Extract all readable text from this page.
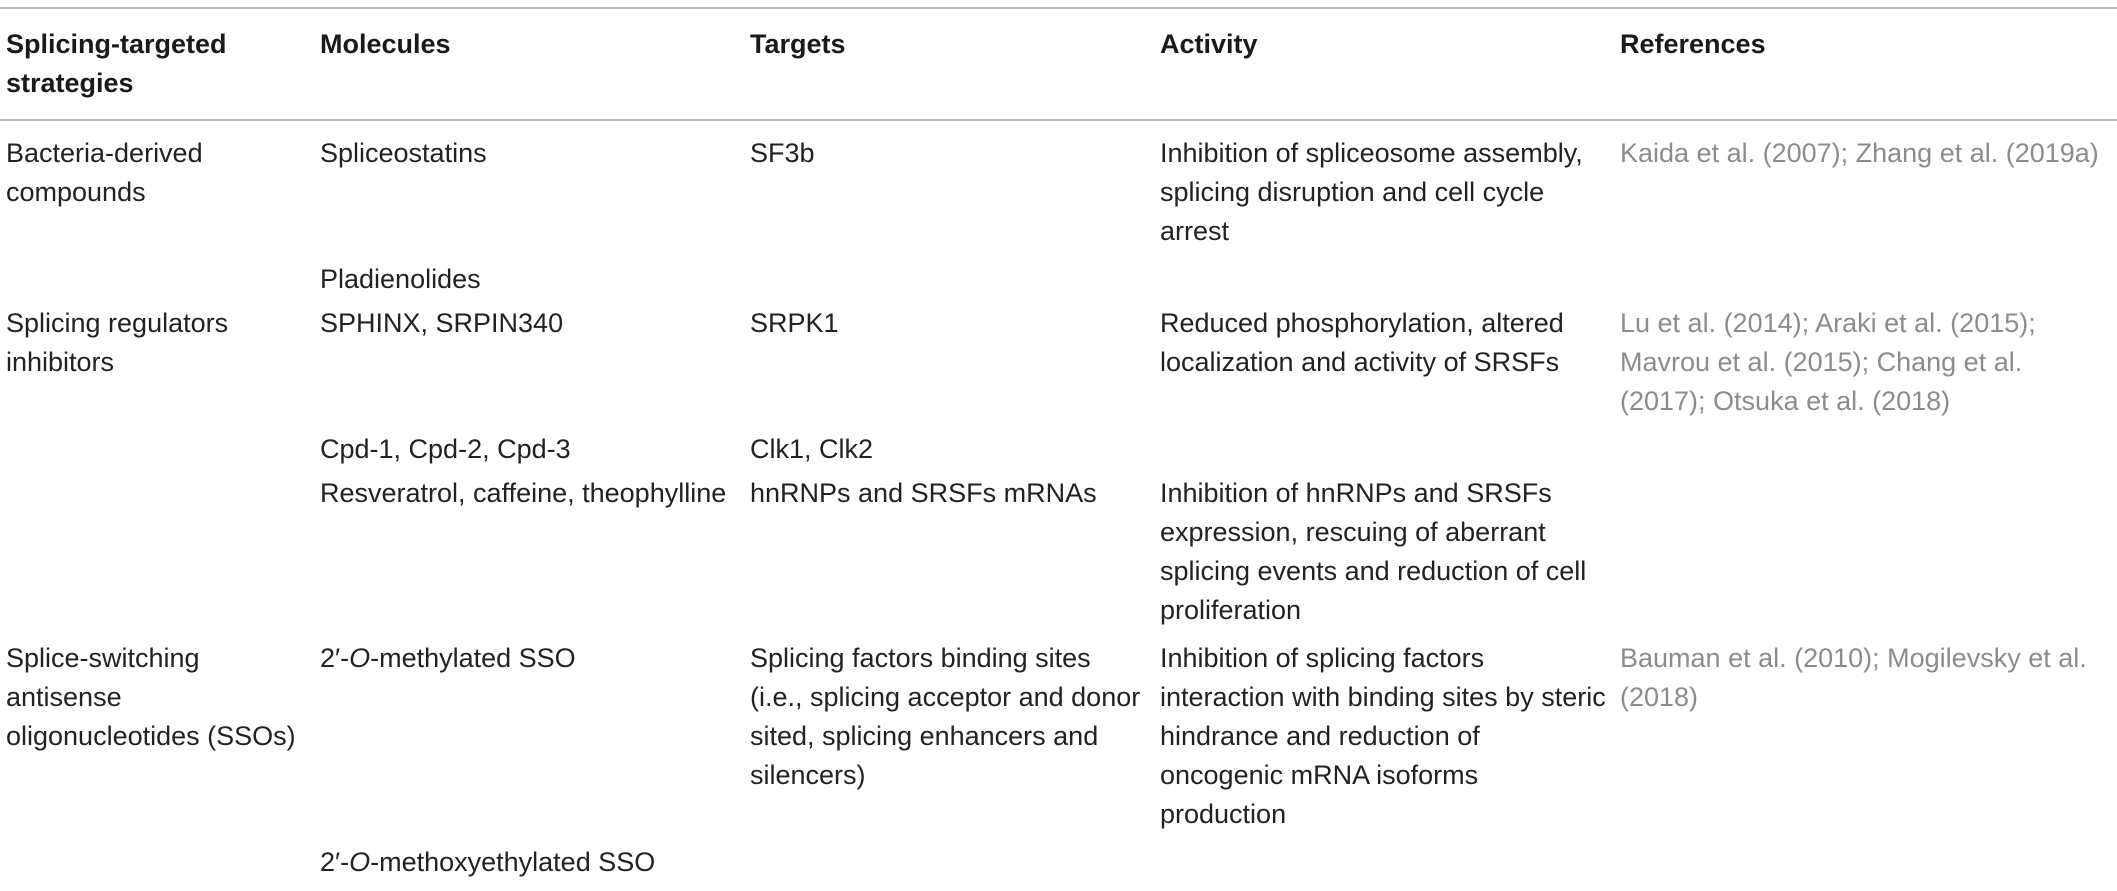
Splicing-targeted strategies	Molecules	Targets	Activity	References
Bacteria-derived compounds	Spliceostatins	SF3b	Inhibition of spliceosome assembly, splicing disruption and cell cycle arrest	Kaida et al. (2007); Zhang et al. (2019a)
	Pladienolides			
Splicing regulators inhibitors	SPHINX, SRPIN340	SRPK1	Reduced phosphorylation, altered localization and activity of SRSFs	Lu et al. (2014); Araki et al. (2015); Mavrou et al. (2015); Chang et al. (2017); Otsuka et al. (2018)
	Cpd-1, Cpd-2, Cpd-3	Clk1, Clk2		
	Resveratrol, caffeine, theophylline	hnRNPs and SRSFs mRNAs	Inhibition of hnRNPs and SRSFs expression, rescuing of aberrant splicing events and reduction of cell proliferation	
Splice-switching antisense oligonucleotides (SSOs)	2′-O-methylated SSO	Splicing factors binding sites (i.e., splicing acceptor and donor sited, splicing enhancers and silencers)	Inhibition of splicing factors interaction with binding sites by steric hindrance and reduction of oncogenic mRNA isoforms production	Bauman et al. (2010); Mogilevsky et al. (2018)
	2′-O-methoxyethylated SSO			
